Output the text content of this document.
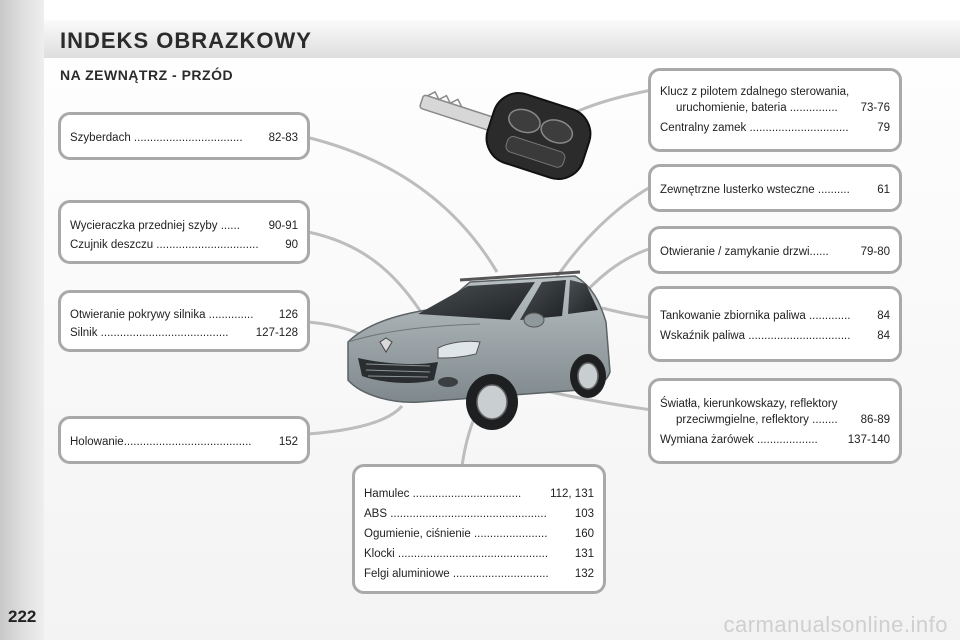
INDEKS OBRAZKOWY
NA ZEWNĄTRZ - PRZÓD
Szyberdach .................................. 82-83
Wycieraczka przedniej szyby ...... 90-91
Czujnik deszczu ................................ 90
Otwieranie pokrywy silnika .............. 126
Silnik ........................................ 127-128
Holowanie........................................ 152
Klucz z pilotem zdalnego sterowania,
uruchomienie, bateria ............... 73-76
Centralny zamek ............................... 79
Zewnętrzne lusterko wsteczne .......... 61
Otwieranie / zamykanie drzwi......	79-80
Tankowanie zbiornika paliwa ............. 84
Wskaźnik paliwa ................................ 84
Światła, kierunkowskazy, reflektory
przeciwmgielne, reflektory ........ 86-89
Wymiana żarówek ...................	137-140
Hamulec ..................................	112, 131
ABS ................................................. 103
Ogumienie, ciśnienie ....................... 160
Klocki ............................................... 131
Felgi aluminiowe .............................. 132
222	carmanualsonline.info
